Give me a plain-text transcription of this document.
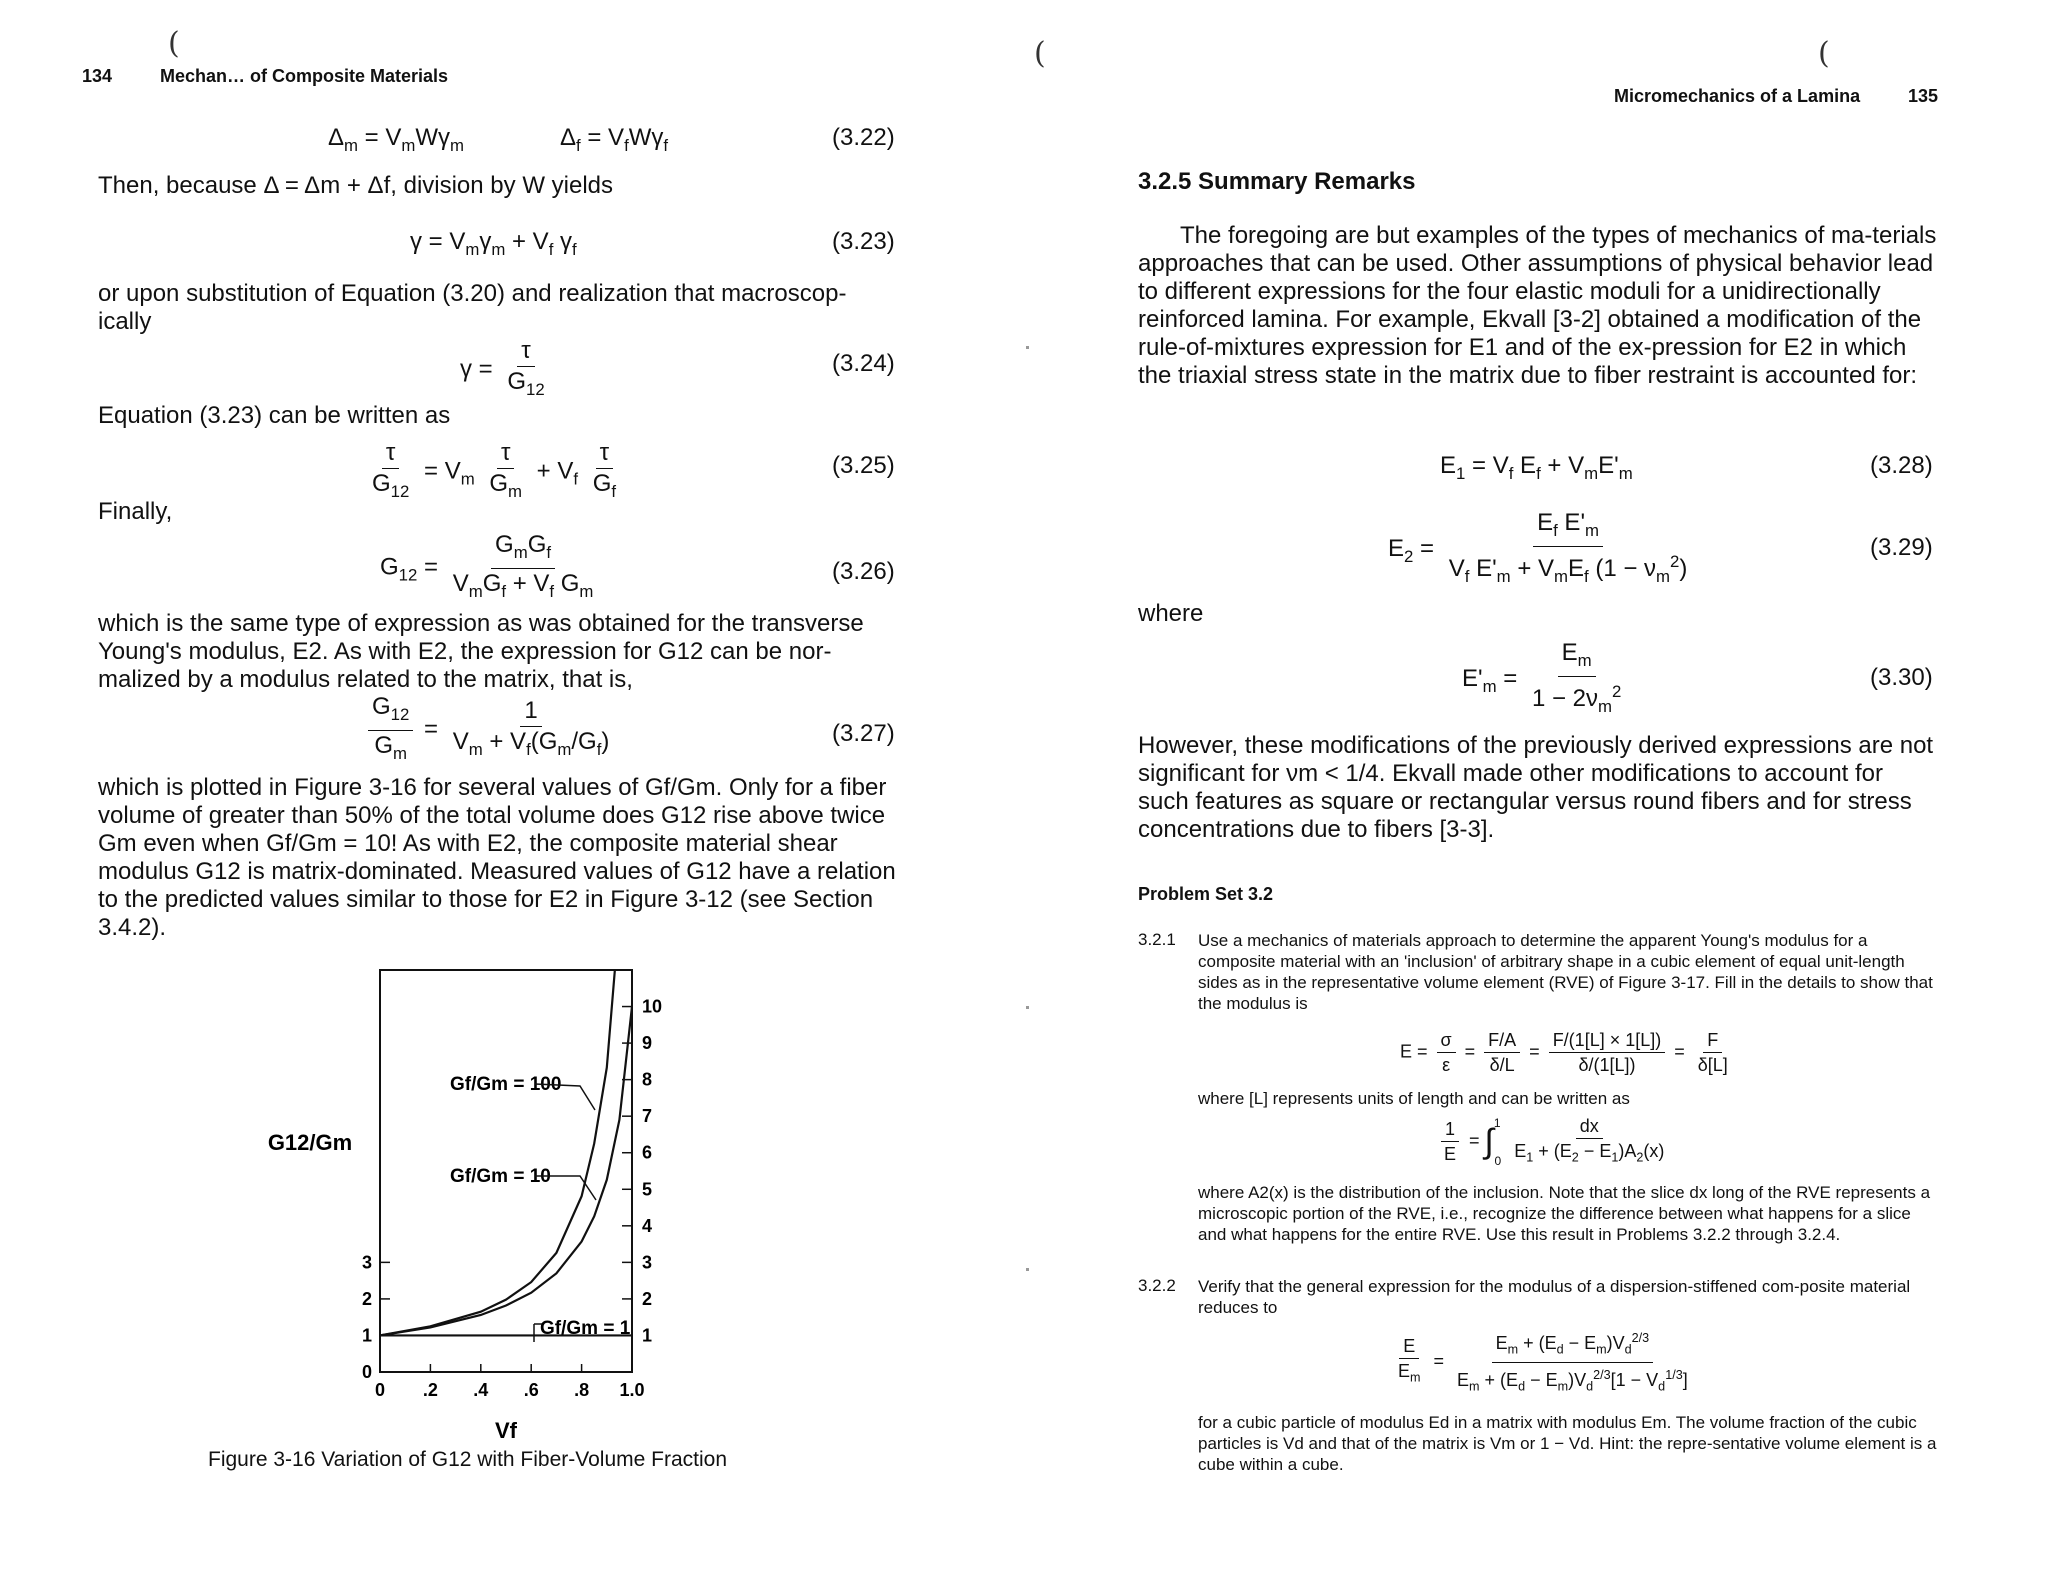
(	(	(
134	Mechan… of Composite Materials
$\Delta_m = V_mW\gamma_m$	$\Delta_f = V_fW\gamma_f$	(3.22)
Then, because Δ = Δm + Δf, division by W yields
$\gamma = V_m\gamma_m + V_f$ $\gamma_f$	(3.23)
or upon substitution of Equation (3.20) and realization that macroscop-ically
$\gamma = \frac{\tau}{G_{12}}$	(3.24)
Equation (3.23) can be written as
$\frac{\tau}{G_{12}} = V_m \frac{\tau}{G_m} + V_f \frac{\tau}{G_f}$	(3.25)
Finally,
$G_{12} = \frac{G_mG_f}{V_mG_f + V_f G_m}$	(3.26)
which is the same type of expression as was obtained for the transverse Young's modulus, E2. As with E2, the expression for G12 can be nor-malized by a modulus related to the matrix, that is,
$\frac{G_{12}}{G_m} = \frac{1}{V_m + V_f(G_m/G_f)}$	(3.27)
which is plotted in Figure 3-16 for several values of Gf/Gm. Only for a fiber volume of greater than 50% of the total volume does G12 rise above twice Gm even when Gf/Gm = 10! As with E2, the composite material shear modulus G12 is matrix-dominated. Measured values of G12 have a relation to the predicted values similar to those for E2 in Figure 3-12 (see Section 3.4.2).
0 .2 .4 .6 .8 1.0
0
1
2
3
1
2
3
4
5
6
7
8
9
10
Gf/Gm = 100
Gf/Gm = 10
Gf/Gm = 1
G12/Gm
Vf
Figure 3-16 Variation of G12 with Fiber-Volume Fraction
Micromechanics of a Lamina	135
3.2.5 Summary Remarks
The foregoing are but examples of the types of mechanics of ma-terials approaches that can be used. Other assumptions of physical behavior lead to different expressions for the four elastic moduli for a unidirectionally reinforced lamina. For example, Ekvall [3-2] obtained a modification of the rule-of-mixtures expression for E1 and of the ex-pression for E2 in which the triaxial stress state in the matrix due to fiber restraint is accounted for:
$E_1 = V_f$ $E_f + V_mE'_m$	(3.28)
$E_2 = \frac{E_f E'_m}{V_f E'_m + V_mE_f (1 - \nu_m^2)}$	(3.29)
where
$E'_m = \frac{E_m}{1 - 2\nu_m^2}$	(3.30)
However, these modifications of the previously derived expressions are not significant for νm < 1/4. Ekvall made other modifications to account for such features as square or rectangular versus round fibers and for stress concentrations due to fibers [3-3].
Problem Set 3.2
3.2.1 Use a mechanics of materials approach to determine the apparent Young's modulus for a composite material with an 'inclusion' of arbitrary shape in a cubic element of equal unit-length sides as in the representative volume element (RVE) of Figure 3-17. Fill in the details to show that the modulus is
$E = \frac{\sigma}{\varepsilon} = \frac{F/A}{\delta/L} = \frac{F/(1[L] \times 1[L])}{\delta/(1[L])} = \frac{F}{\delta[L]}$
where [L] represents units of length and can be written as
$\frac{1}{E} = \int^10 \frac{dx}{E_1 + (E_2 - E_1)A_2(x)}$
where A2(x) is the distribution of the inclusion. Note that the slice dx long of the RVE represents a microscopic portion of the RVE, i.e., recognize the difference between what happens for a slice and what happens for the entire RVE. Use this result in Problems 3.2.2 through 3.2.4.
3.2.2 Verify that the general expression for the modulus of a dispersion-stiffened com-posite material reduces to
$\frac{E}{E_m} = \frac{E_m + (E_d - E_m)V_d^{2/3}}{E_m + (E_d - E_m)V_d^{2/3}[1 - V_d^{1/3}]}$
for a cubic particle of modulus Ed in a matrix with modulus Em. The volume fraction of the cubic particles is Vd and that of the matrix is Vm or 1 − Vd. Hint: the repre-sentative volume element is a cube within a cube.
